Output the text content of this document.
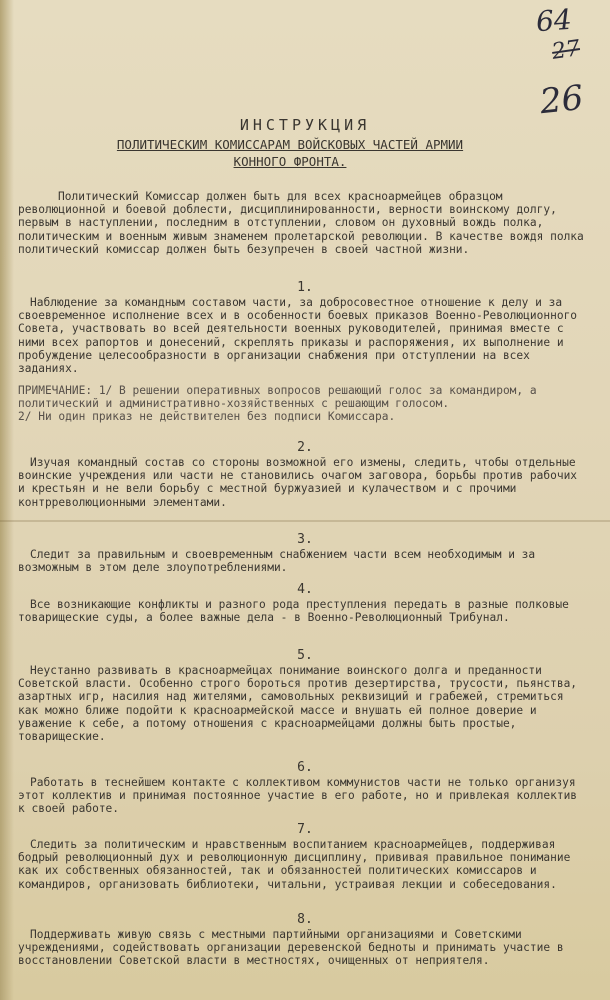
64
27
26
ИНСТРУКЦИЯ
ПОЛИТИЧЕСКИМ КОМИССАРАМ ВОЙСКОВЫХ ЧАСТЕЙ АРМИИ
КОННОГО ФРОНТА.
Политический Комиссар должен быть для всех красноармейцев образцом революционной и боевой доблести, дисциплинированности, верности воинскому долгу, первым в наступлении, последним в отступлении, словом он духовный вождь полка, политическим и военным живым знаменем пролетарской революции. В качестве вождя полка политический комиссар должен быть безупречен в своей частной жизни.
1.
Наблюдение за командным составом части, за добросовестное отношение к делу и за своевременное исполнение всех и в особенности боевых приказов Военно-Революционного Совета, участвовать во всей деятельности военных руководителей, принимая вместе с ними всех рапортов и донесений, скреплять приказы и распоряжения, их выполнение и пробуждение целесообразности в организации снабжения при отступлении на всех заданиях.
ПРИМЕЧАНИЕ: 1/ В решении оперативных вопросов решающий голос за командиром, а политический и административно-хозяйственных с решающим голосом.
2/ Ни один приказ не действителен без подписи Комиссара.
2.
Изучая командный состав со стороны возможной его измены, следить, чтобы отдельные воинские учреждения или части не становились очагом заговора, борьбы против рабочих и крестьян и не вели борьбу с местной буржуазией и кулачеством и с прочими контрреволюционными элементами.
3.
Следит за правильным и своевременным снабжением части всем необходимым и за возможным в этом деле злоупотреблениями.
4.
Все возникающие конфликты и разного рода преступления передать в разные полковые товарищеские суды, а более важные дела - в Военно-Революционный Трибунал.
5.
Неустанно развивать в красноармейцах понимание воинского долга и преданности Советской власти. Особенно строго бороться против дезертирства, трусости, пьянства, азартных игр, насилия над жителями, самовольных реквизиций и грабежей, стремиться как можно ближе подойти к красноармейской массе и внушать ей полное доверие и уважение к себе, а потому отношения с красноармейцами должны быть простые, товарищеские.
6.
Работать в теснейшем контакте с коллективом коммунистов части не только организуя этот коллектив и принимая постоянное участие в его работе, но и привлекая коллектив к своей работе.
7.
Следить за политическим и нравственным воспитанием красноармейцев, поддерживая бодрый революционный дух и революционную дисциплину, прививая правильное понимание как их собственных обязанностей, так и обязанностей политических комиссаров и командиров, организовать библиотеки, читальни, устраивая лекции и собеседования.
8.
Поддерживать живую связь с местными партийными организациями и Советскими учреждениями, содействовать организации деревенской бедноты и принимать участие в восстановлении Советской власти в местностях, очищенных от неприятеля.
